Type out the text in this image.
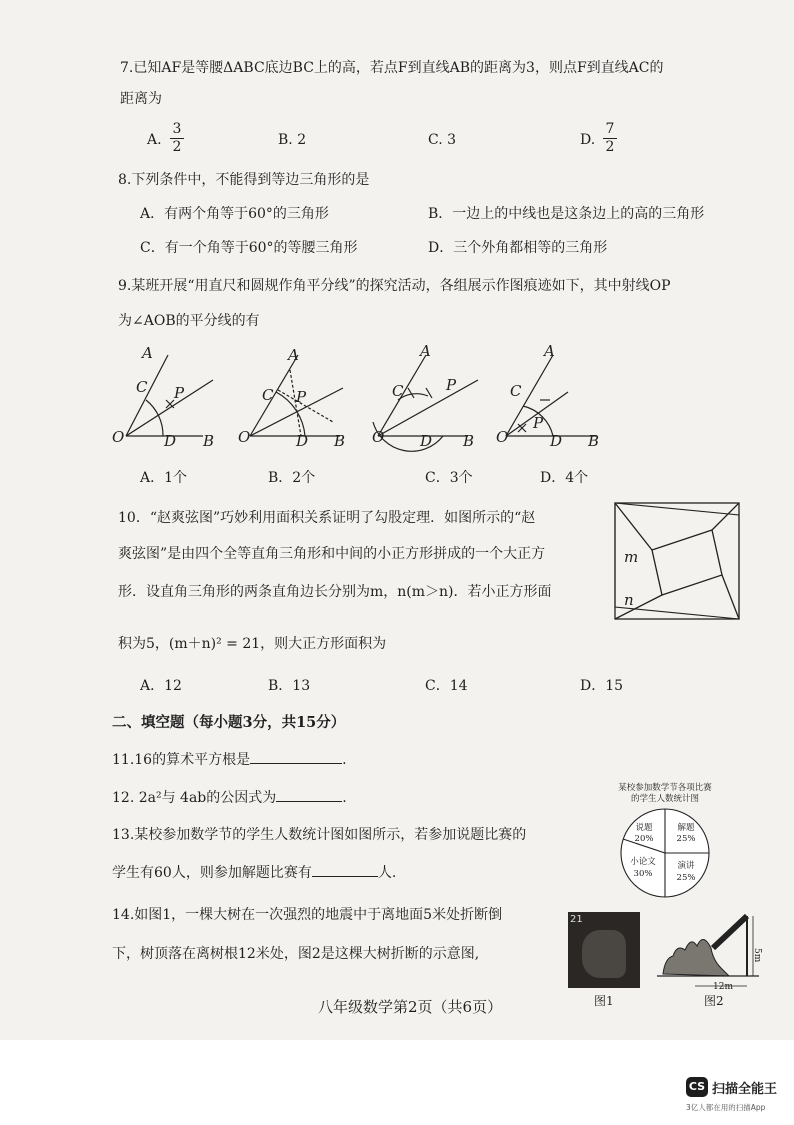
7.已知AF是等腰ΔABC底边BC上的高，若点F到直线AB的距离为3，则点F到直线AC的
距离为
A.
3
2	B. 2	C. 3	D.
7
2
8.下列条件中，不能得到等边三角形的是
A．有两个角等于60°的三角形	B．一边上的中线也是这条边上的高的三角形
C．有一个角等于60°的等腰三角形	D．三个外角都相等的三角形
9.某班开展“用直尺和圆规作角平分线”的探究活动，各组展示作图痕迹如下，其中射线OP
为∠AOB的平分线的有
A
C P
O	D B
A
C P
O	D B
A
C	P
O D B
A
C
P
O	D B
A．1个	B．2个	C．3个	D．4个
10．“赵爽弦图”巧妙利用面积关系证明了勾股定理．如图所示的“赵
爽弦图”是由四个全等直角三角形和中间的小正方形拼成的一个大正方
形．设直角三角形的两条直角边长分别为m，n(m＞n)．若小正方形面
积为5，(m＋n)² = 21，则大正方形面积为
m
n
A．12	B．13	C．14	D．15
二、填空题（每小题3分，共15分）
11.16的算术平方根是	.
12. 2a²与 4ab的公因式为	.
13.某校参加数学节的学生人数统计图如图所示，若参加说题比赛的
学生有60人，则参加解题比赛有	人.
某校参加数学节各项比赛
的学生人数统计图
说题
20%
解题
25%
小论文
30%
演讲
25%
14.如图1，一棵大树在一次强烈的地震中于离地面5米处折断倒
下，树顶落在离树根12米处，图2是这棵大树折断的示意图,
21
图1
5m
12m
图2
八年级数学第2页（共6页）
CS 扫描全能王
3亿人都在用的扫描App
